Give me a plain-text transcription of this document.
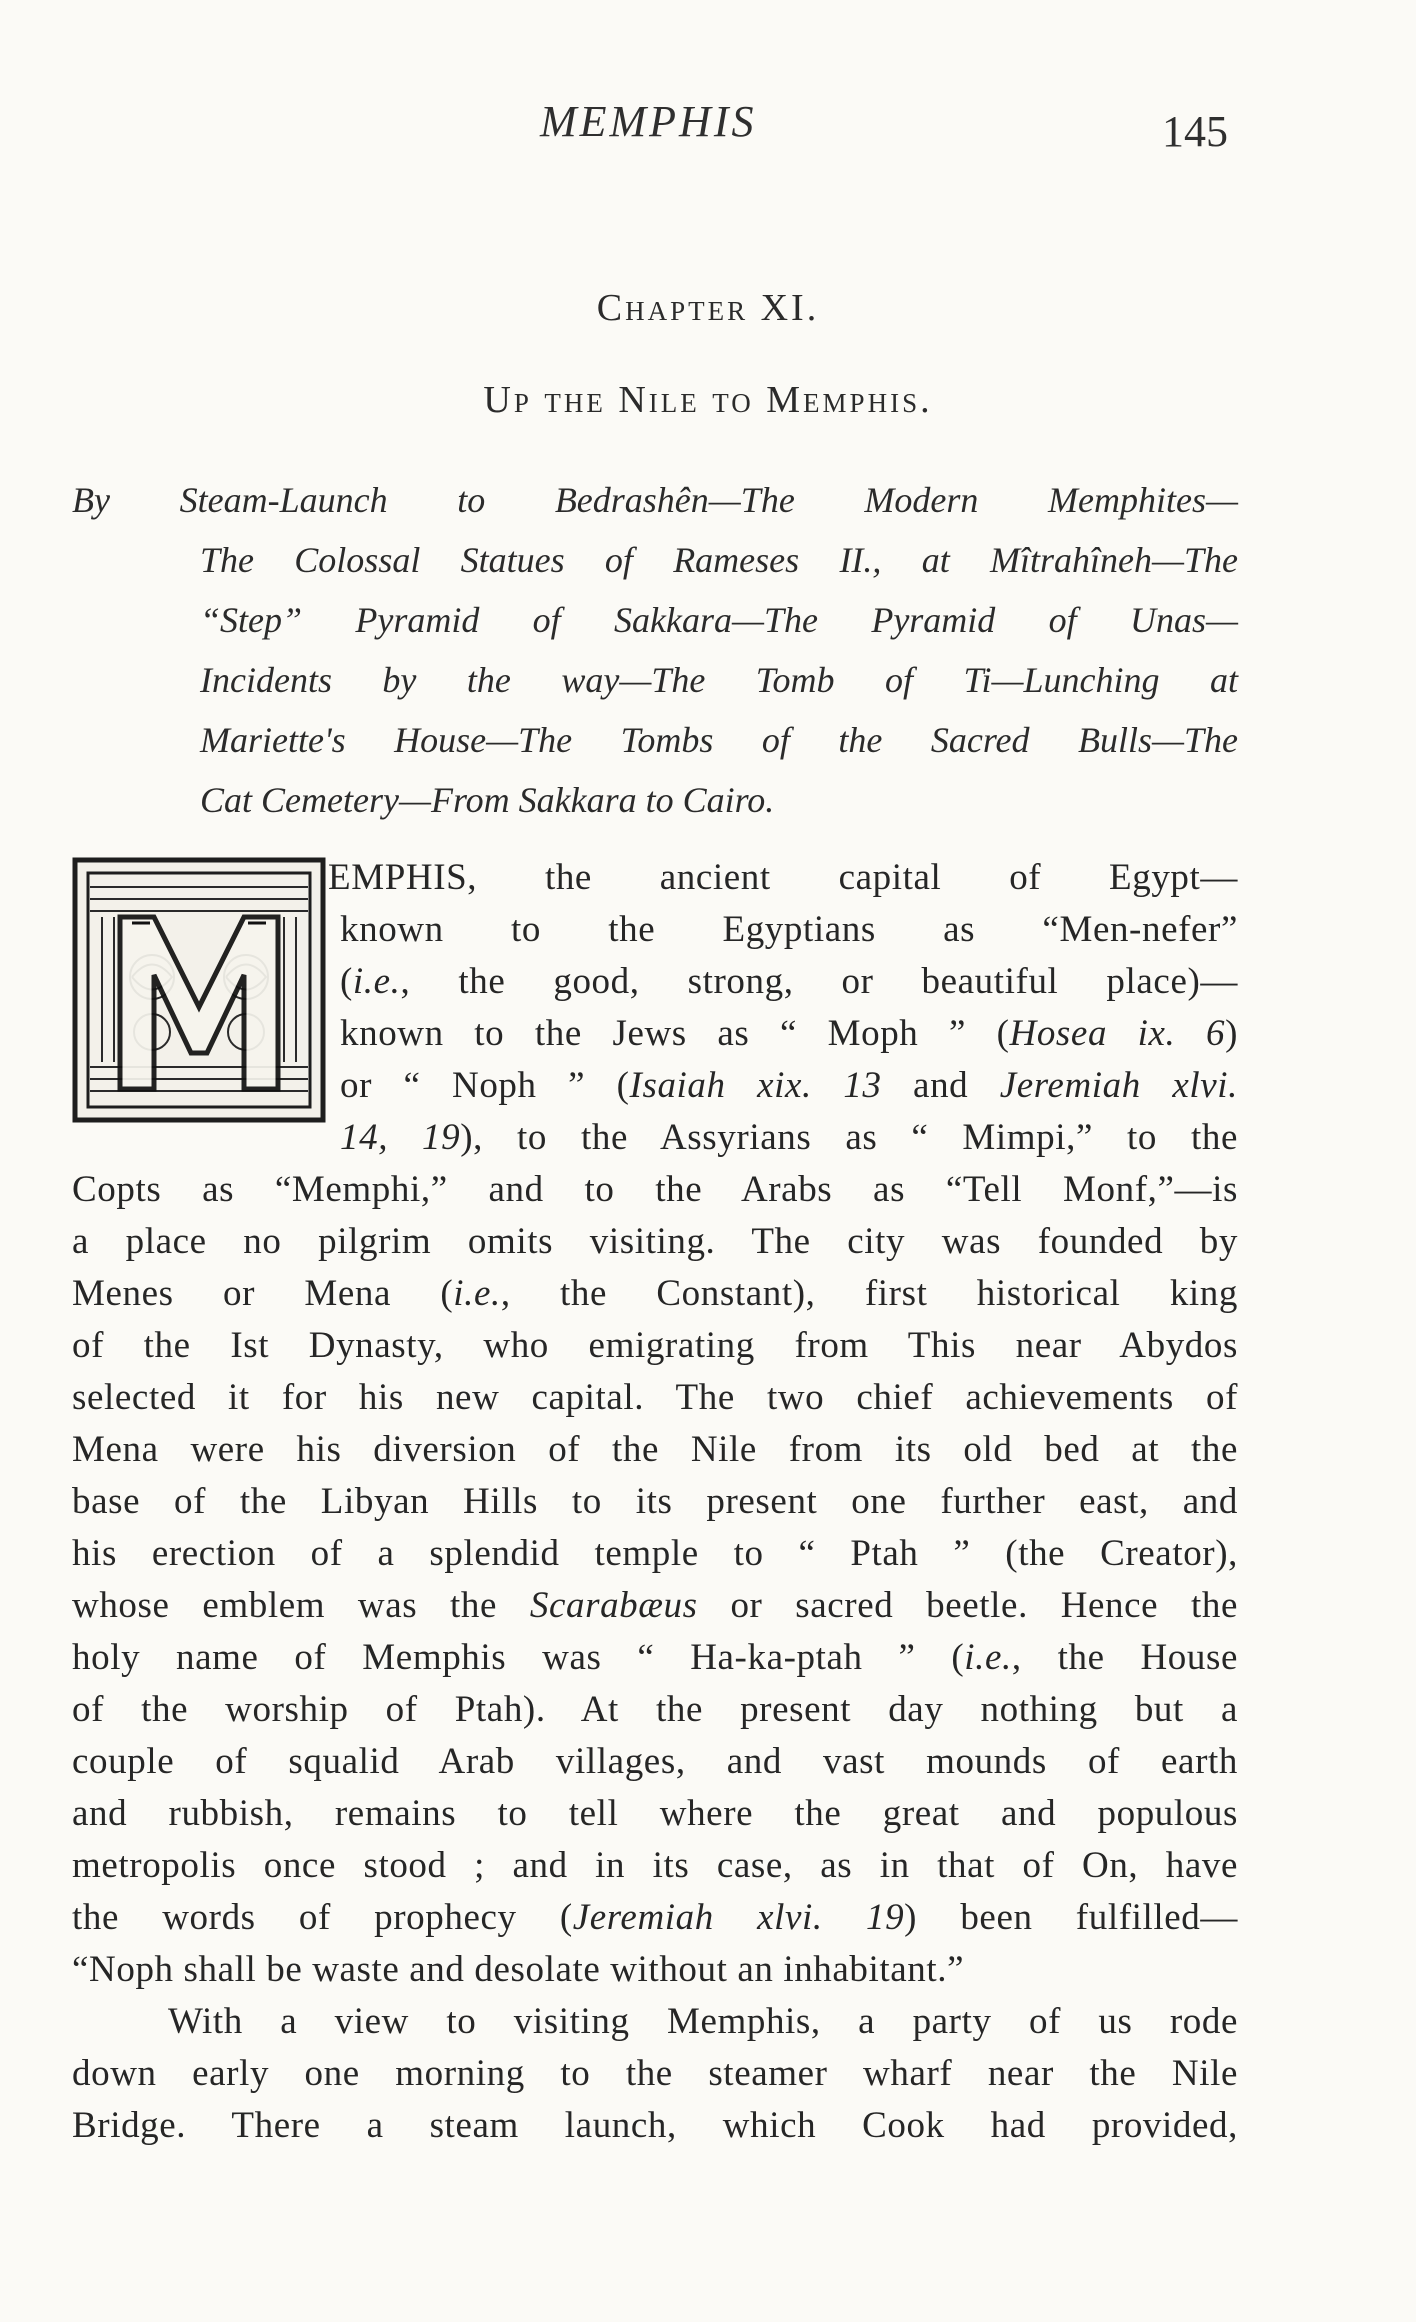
MEMPHIS	145
Chapter XI.
Up the Nile to Memphis.
By Steam-Launch to Bedrashên—The Modern Memphites—
The Colossal Statues of Rameses II., at Mîtrahîneh—The
“Step” Pyramid of Sakkara—The Pyramid of Unas—
Incidents by the way—The Tomb of Ti—Lunching at
Mariette's House—The Tombs of the Sacred Bulls—The
Cat Cemetery—From Sakkara to Cairo.
EMPHIS, the ancient capital of Egypt—
known to the Egyptians as “Men-nefer”
(i.e., the good, strong, or beautiful place)—
known to the Jews as “ Moph ” (Hosea ix. 6)
or “ Noph ” (Isaiah xix. 13 and Jeremiah xlvi.
14, 19), to the Assyrians as “ Mimpi,” to the
Copts as “Memphi,” and to the Arabs as “Tell Monf,”—is
a place no pilgrim omits visiting. The city was founded by
Menes or Mena (i.e., the Constant), first historical king
of the Ist Dynasty, who emigrating from This near Abydos
selected it for his new capital. The two chief achievements of
Mena were his diversion of the Nile from its old bed at the
base of the Libyan Hills to its present one further east, and
his erection of a splendid temple to “ Ptah ” (the Creator),
whose emblem was the Scarabæus or sacred beetle. Hence the
holy name of Memphis was “ Ha-ka-ptah ” (i.e., the House
of the worship of Ptah). At the present day nothing but a
couple of squalid Arab villages, and vast mounds of earth
and rubbish, remains to tell where the great and populous
metropolis once stood ; and in its case, as in that of On, have
the words of prophecy (Jeremiah xlvi. 19) been fulfilled—
“Noph shall be waste and desolate without an inhabitant.”
With a view to visiting Memphis, a party of us rode
down early one morning to the steamer wharf near the Nile
Bridge. There a steam launch, which Cook had provided,
